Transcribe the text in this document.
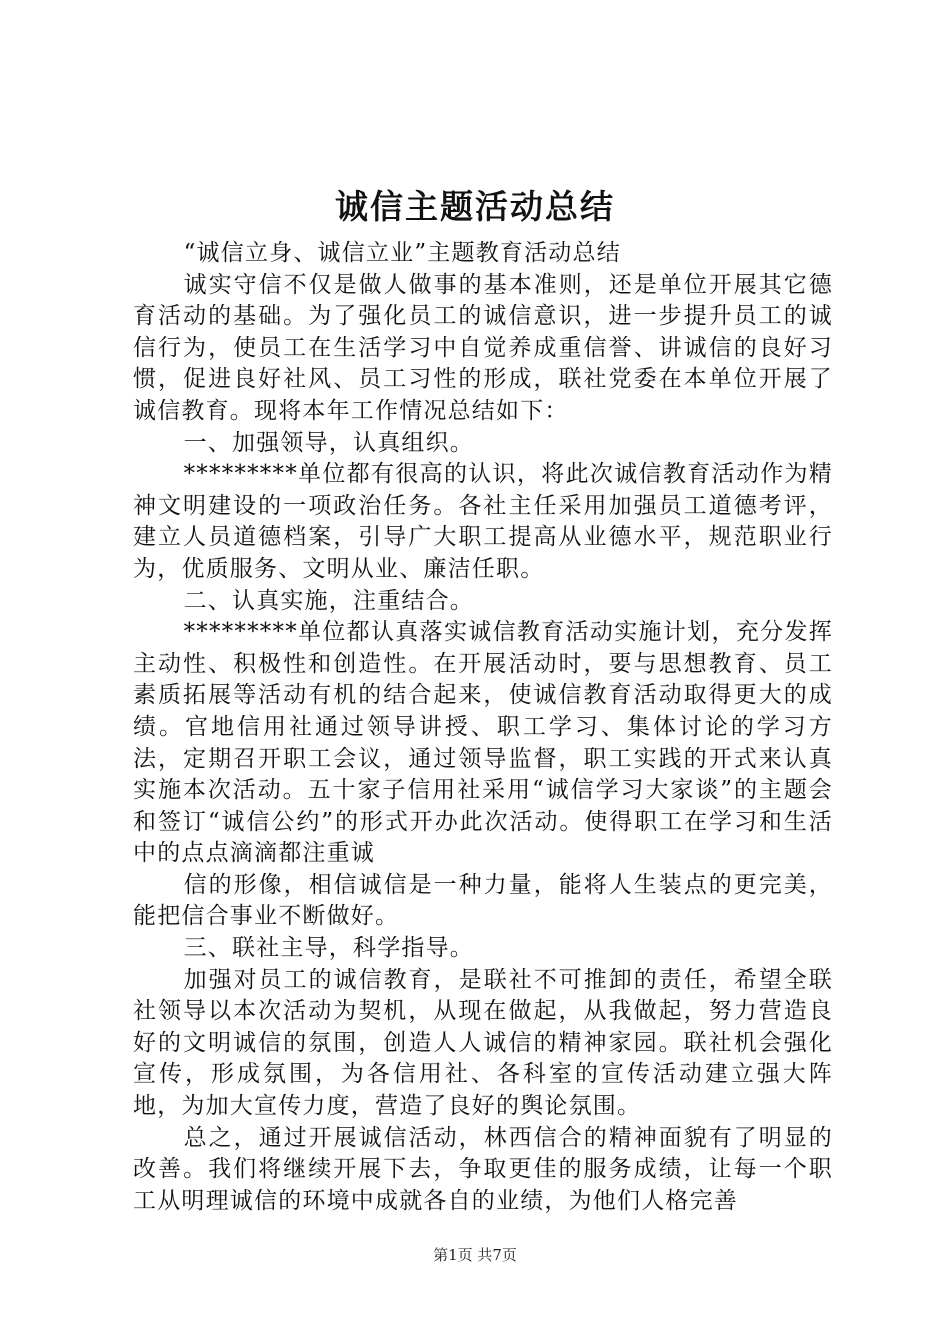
诚信主题活动总结

“诚信立身、诚信立业”主题教育活动总结

诚实守信不仅是做人做事的基本准则，还是单位开展其它德育活动的基础。为了强化员工的诚信意识，进一步提升员工的诚信行为，使员工在生活学习中自觉养成重信誉、讲诚信的良好习惯，促进良好社风、员工习性的形成，联社党委在本单位开展了诚信教育。现将本年工作情况总结如下：

一、加强领导，认真组织。

*********单位都有很高的认识，将此次诚信教育活动作为精神文明建设的一项政治任务。各社主任采用加强员工道德考评，建立人员道德档案，引导广大职工提高从业德水平，规范职业行为，优质服务、文明从业、廉洁任职。

二、认真实施，注重结合。

*********单位都认真落实诚信教育活动实施计划，充分发挥主动性、积极性和创造性。在开展活动时，要与思想教育、员工素质拓展等活动有机的结合起来，使诚信教育活动取得更大的成绩。官地信用社通过领导讲授、职工学习、集体讨论的学习方法，定期召开职工会议，通过领导监督，职工实践的开式来认真实施本次活动。五十家子信用社采用“诚信学习大家谈”的主题会和签订“诚信公约”的形式开办此次活动。使得职工在学习和生活中的点点滴滴都注重诚

信的形像，相信诚信是一种力量，能将人生装点的更完美，能把信合事业不断做好。

三、联社主导，科学指导。

加强对员工的诚信教育，是联社不可推卸的责任，希望全联社领导以本次活动为契机，从现在做起，从我做起，努力营造良好的文明诚信的氛围，创造人人诚信的精神家园。联社机会强化宣传，形成氛围，为各信用社、各科室的宣传活动建立强大阵地，为加大宣传力度，营造了良好的舆论氛围。

总之，通过开展诚信活动，林西信合的精神面貌有了明显的改善。我们将继续开展下去，争取更佳的服务成绩，让每一个职工从明理诚信的环境中成就各自的业绩，为他们人格完善

第1页 共7页
